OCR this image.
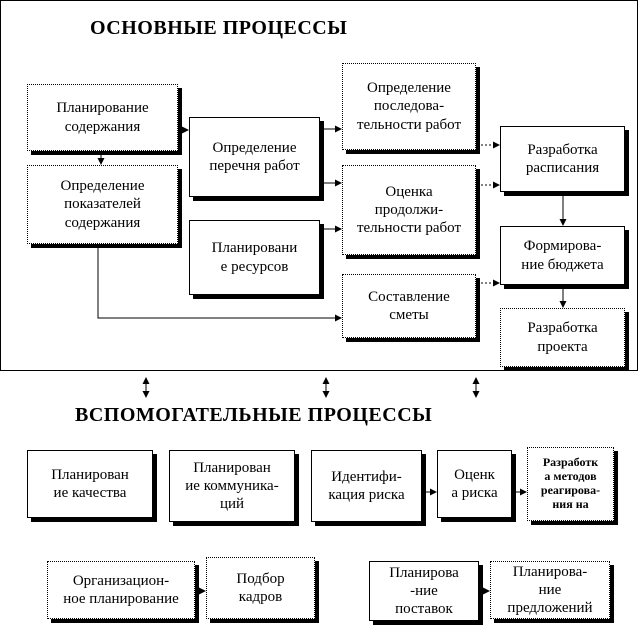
ОСНОВНЫЕ ПРОЦЕССЫ
Планирование
содержания
Определение
показателей
содержания
Определение
перечня работ
Планировани
е ресурсов
Определение
последова-
тельности работ
Оценка
продолжи-
тельности работ
Составление
сметы
Разработка
расписания
Формирова-
ние бюджета
Разработка
проекта
ВСПОМОГАТЕЛЬНЫЕ ПРОЦЕССЫ
Планирован
ие качества
Планирован
ие коммуника-
ций
Идентифи-
кация риска
Оценк
а риска
Разработк
а методов
реагирова-
ния на
Организацион-
ное планирование
Подбор
кадров
Планирова
-ние
поставок
Планирова-
ние
предложений
